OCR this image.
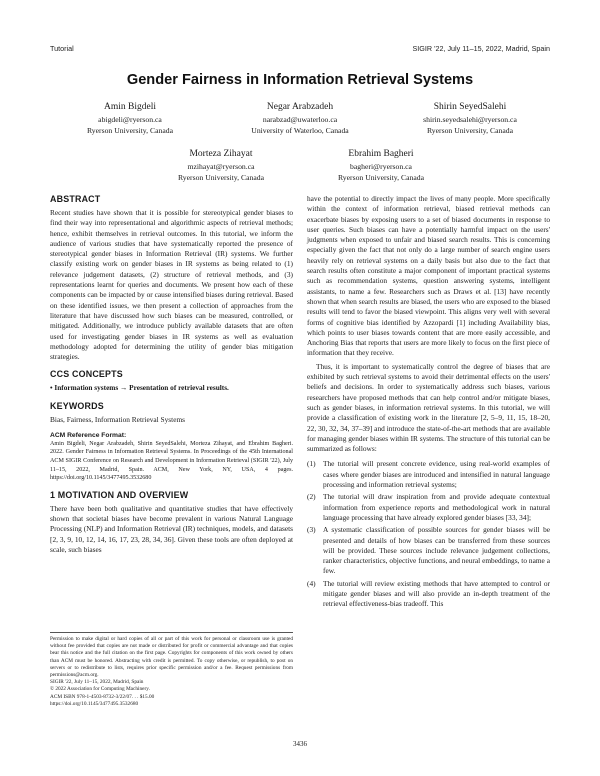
Tutorial	SIGIR '22, July 11–15, 2022, Madrid, Spain
Gender Fairness in Information Retrieval Systems
Amin Bigdeli
abigdeli@ryerson.ca
Ryerson University, Canada
Negar Arabzadeh
narabzad@uwaterloo.ca
University of Waterloo, Canada
Shirin SeyedSalehi
shirin.seyedsalehi@ryerson.ca
Ryerson University, Canada
Morteza Zihayat
mzihayat@ryerson.ca
Ryerson University, Canada
Ebrahim Bagheri
bagheri@ryerson.ca
Ryerson University, Canada
ABSTRACT

Recent studies have shown that it is possible for stereotypical gender biases to find their way into representational and algorithmic aspects of retrieval methods; hence, exhibit themselves in retrieval outcomes. In this tutorial, we inform the audience of various studies that have systematically reported the presence of stereotypical gender biases in Information Retrieval (IR) systems. We further classify existing work on gender biases in IR systems as being related to (1) relevance judgement datasets, (2) structure of retrieval methods, and (3) representations learnt for queries and documents. We present how each of these components can be impacted by or cause intensified biases during retrieval. Based on these identified issues, we then present a collection of approaches from the literature that have discussed how such biases can be measured, controlled, or mitigated. Additionally, we introduce publicly available datasets that are often used for investigating gender biases in IR systems as well as evaluation methodology adopted for determining the utility of gender bias mitigation strategies.

CCS CONCEPTS

• Information systems → Presentation of retrieval results.

KEYWORDS

Bias, Fairness, Information Retrieval Systems

ACM Reference Format:

Amin Bigdeli, Negar Arabzadeh, Shirin SeyedSalehi, Morteza Zihayat, and Ebrahim Bagheri. 2022. Gender Fairness in Information Retrieval Systems. In Proceedings of the 45th International ACM SIGIR Conference on Research and Development in Information Retrieval (SIGIR '22), July 11–15, 2022, Madrid, Spain. ACM, New York, NY, USA, 4 pages. https://doi.org/10.1145/3477495.3532680

1 MOTIVATION AND OVERVIEW

There have been both qualitative and quantitative studies that have effectively shown that societal biases have become prevalent in various Natural Language Processing (NLP) and Information Retrieval (IR) techniques, models, and datasets [2, 3, 9, 10, 12, 14, 16, 17, 23, 28, 34, 36]. Given these tools are often deployed at scale, such biases

Permission to make digital or hard copies of all or part of this work for personal or classroom use is granted without fee provided that copies are not made or distributed for profit or commercial advantage and that copies bear this notice and the full citation on the first page. Copyrights for components of this work owned by others than ACM must be honored. Abstracting with credit is permitted. To copy otherwise, or republish, to post on servers or to redistribute to lists, requires prior specific permission and/or a fee. Request permissions from permissions@acm.org.

SIGIR '22, July 11–15, 2022, Madrid, Spain

© 2022 Association for Computing Machinery.

ACM ISBN 978-1-4503-8732-3/22/07. . . $15.00

https://doi.org/10.1145/3477495.3532680

have the potential to directly impact the lives of many people. More specifically within the context of information retrieval, biased retrieval methods can exacerbate biases by exposing users to a set of biased documents in response to user queries. Such biases can have a potentially harmful impact on the users' judgments when exposed to unfair and biased search results. This is concerning especially given the fact that not only do a large number of search engine users heavily rely on retrieval systems on a daily basis but also due to the fact that search results often constitute a major component of important practical systems such as recommendation systems, question answering systems, intelligent assistants, to name a few. Researchers such as Draws et al. [13] have recently shown that when search results are biased, the users who are exposed to the biased results will tend to favor the biased viewpoint. This aligns very well with several forms of cognitive bias identified by Azzopardi [1] including Availability bias, which points to user biases towards content that are more easily accessible, and Anchoring Bias that reports that users are more likely to focus on the first piece of information that they receive.

Thus, it is important to systematically control the degree of biases that are exhibited by such retrieval systems to avoid their detrimental effects on the users' beliefs and decisions. In order to systematically address such biases, various researchers have proposed methods that can help control and/or mitigate biases, such as gender biases, in information retrieval systems. In this tutorial, we will provide a classification of existing work in the literature [2, 5–9, 11, 15, 18–20, 22, 30, 32, 34, 37–39] and introduce the state-of-the-art methods that are available for managing gender biases within IR systems. The structure of this tutorial can be summarized as follows:

(1) The tutorial will present concrete evidence, using real-world examples of cases where gender biases are introduced and intensified in natural language processing and information retrieval systems;
(2) The tutorial will draw inspiration from and provide adequate contextual information from experience reports and methodological work in natural language processing that have already explored gender biases [33, 34];
(3) A systematic classification of possible sources for gender biases will be presented and details of how biases can be transferred from these sources will be provided. These sources include relevance judgement collections, ranker characteristics, objective functions, and neural embeddings, to name a few.
(4) The tutorial will review existing methods that have attempted to control or mitigate gender biases and will also provide an in-depth treatment of the retrieval effectiveness-bias tradeoff. This
3436
